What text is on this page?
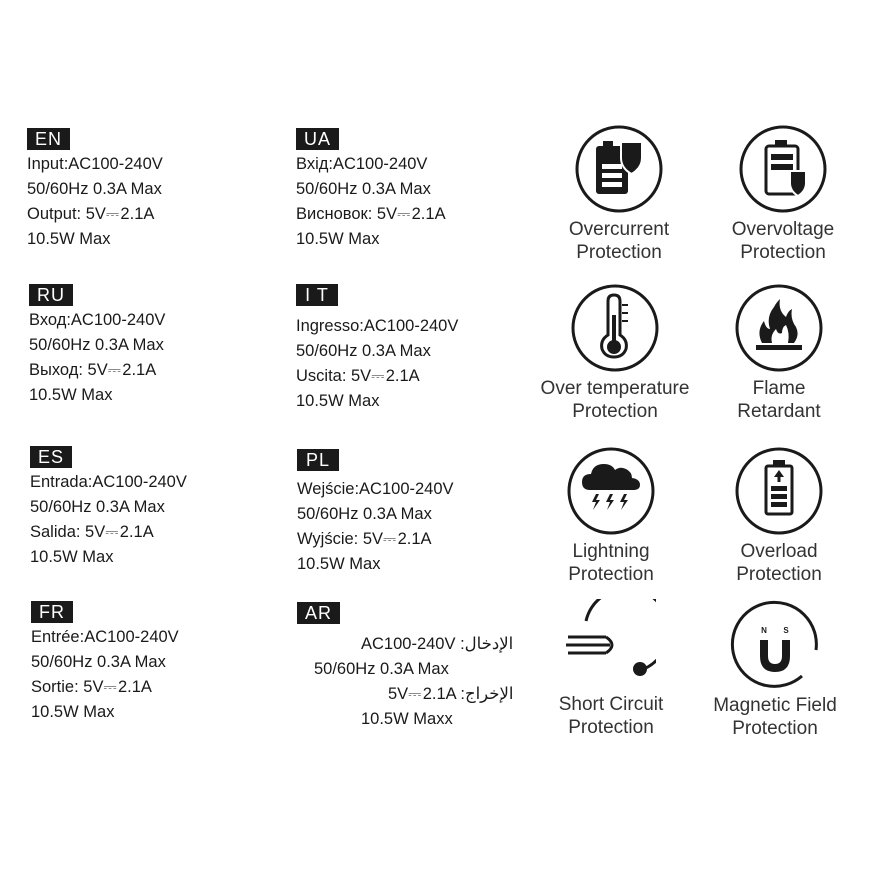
EN
Input:AC100-240V
50/60Hz 0.3A Max
Output: 5V⎓ 2.1A
10.5W Max
UA
Вхід:AC100-240V
50/60Hz 0.3A Max
Висновок: 5V⎓ 2.1A
10.5W Max
RU
Вход:AC100-240V
50/60Hz 0.3A Max
Выход: 5V⎓ 2.1A
10.5W Max
I T
Ingresso:AC100-240V
50/60Hz 0.3A Max
Uscita: 5V⎓ 2.1A
10.5W Max
ES
Entrada:AC100-240V
50/60Hz 0.3A Max
Salida: 5V⎓ 2.1A
10.5W Max
PL
Wejście:AC100-240V
50/60Hz 0.3A Max
Wyjście: 5V⎓ 2.1A
10.5W Max
FR
Entrée:AC100-240V
50/60Hz 0.3A Max
Sortie: 5V⎓ 2.1A
10.5W Max
AR
AC100-240V :الإدخال
50/60Hz 0.3A Max
5V⎓ 2.1A :الإخراج
10.5W Maxx
Overcurrent
Protection
Overvoltage
Protection
Over temperature
Protection
Flame
Retardant
Lightning
Protection
Overload
Protection
Short Circuit
Protection
N S
Magnetic Field
Protection
